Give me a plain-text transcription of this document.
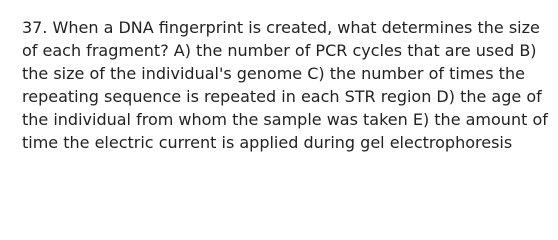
37. When a DNA fingerprint is created, what determines the size of each fragment? A) the number of PCR cycles that are used B) the size of the individual's genome C) the number of times the repeating sequence is repeated in each STR region D) the age of the individual from whom the sample was taken E) the amount of time the electric current is applied during gel electrophoresis
